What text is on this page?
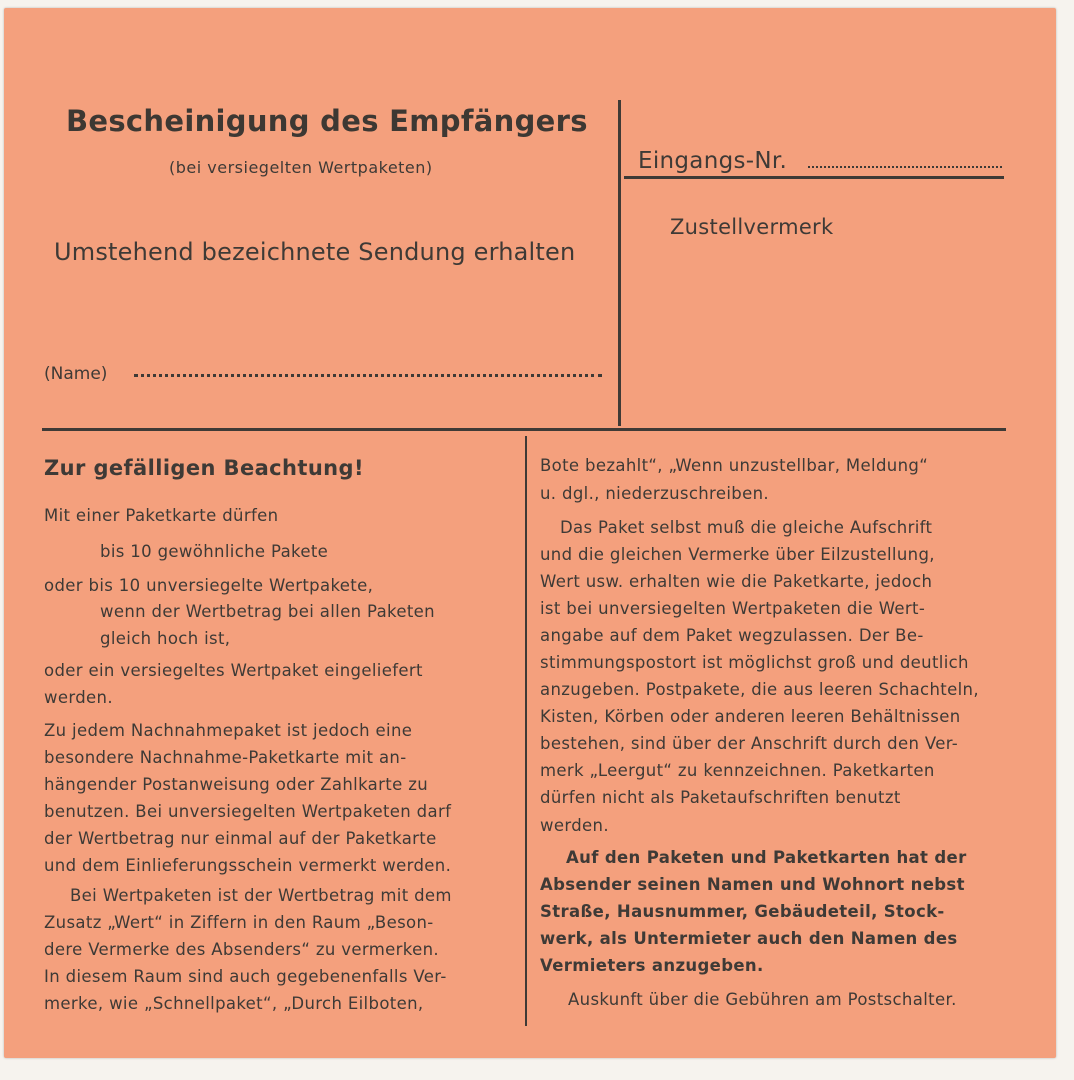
Bescheinigung des Empfängers
(bei versiegelten Wertpaketen)
Umstehend bezeichnete Sendung erhalten
(Name)
Eingangs-Nr.
Zustellvermerk
Zur gefälligen Beachtung!
Mit einer Paketkarte dürfen
bis 10 gewöhnliche Pakete
oder bis 10 unversiegelte Wertpakete,
wenn der Wertbetrag bei allen Paketen
gleich hoch ist,
oder ein versiegeltes Wertpaket eingeliefert
werden.
Zu jedem Nachnahmepaket ist jedoch eine
besondere Nachnahme-Paketkarte mit an-
hängender Postanweisung oder Zahlkarte zu
benutzen. Bei unversiegelten Wertpaketen darf
der Wertbetrag nur einmal auf der Paketkarte
und dem Einlieferungsschein vermerkt werden.
Bei Wertpaketen ist der Wertbetrag mit dem
Zusatz „Wert“ in Ziffern in den Raum „Beson-
dere Vermerke des Absenders“ zu vermerken.
In diesem Raum sind auch gegebenenfalls Ver-
merke, wie „Schnellpaket“, „Durch Eilboten,
Bote bezahlt“, „Wenn unzustellbar, Meldung“
u. dgl., niederzuschreiben.
Das Paket selbst muß die gleiche Aufschrift
und die gleichen Vermerke über Eilzustellung,
Wert usw. erhalten wie die Paketkarte, jedoch
ist bei unversiegelten Wertpaketen die Wert-
angabe auf dem Paket wegzulassen. Der Be-
stimmungspostort ist möglichst groß und deutlich
anzugeben. Postpakete, die aus leeren Schachteln,
Kisten, Körben oder anderen leeren Behältnissen
bestehen, sind über der Anschrift durch den Ver-
merk „Leergut“ zu kennzeichnen. Paketkarten
dürfen nicht als Paketaufschriften benutzt
werden.
Auf den Paketen und Paketkarten hat der
Absender seinen Namen und Wohnort nebst
Straße, Hausnummer, Gebäudeteil, Stock-
werk, als Untermieter auch den Namen des
Vermieters anzugeben.
Auskunft über die Gebühren am Postschalter.
